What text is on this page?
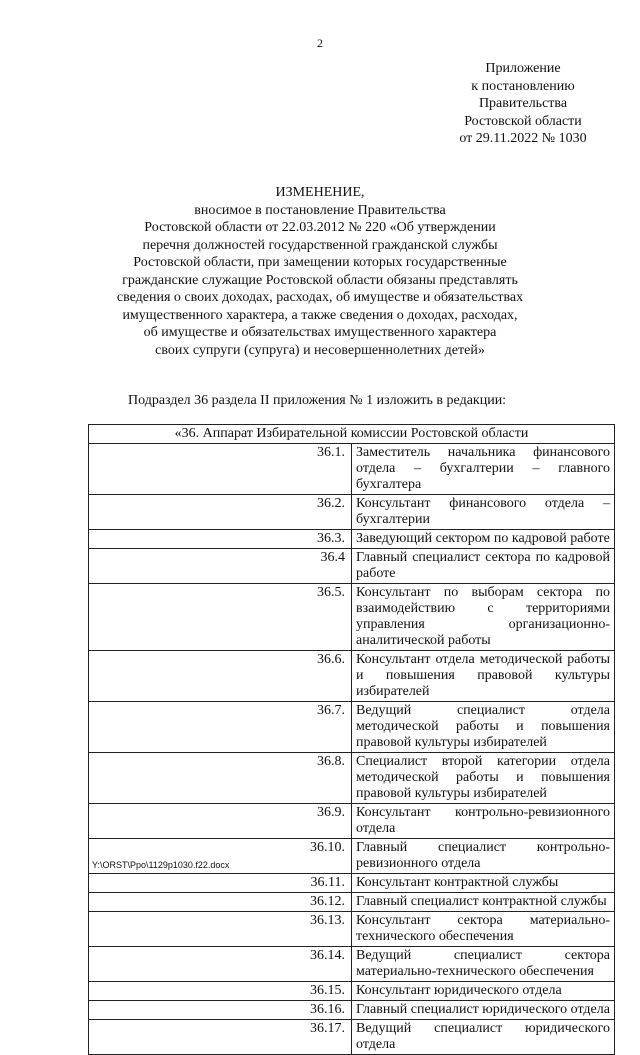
2
Приложение
к постановлению
Правительства
Ростовской области
от 29.11.2022 № 1030
ИЗМЕНЕНИЕ,
вносимое в постановление Правительства
Ростовской области от 22.03.2012 № 220 «Об утверждении
перечня должностей государственной гражданской службы
Ростовской области, при замещении которых государственные
гражданские служащие Ростовской области обязаны представлять
сведения о своих доходах, расходах, об имуществе и обязательствах
имущественного характера, а также сведения о доходах, расходах,
об имуществе и обязательствах имущественного характера
своих супруги (супруга) и несовершеннолетних детей»
Подраздел 36 раздела II приложения № 1 изложить в редакции:
«36. Аппарат Избирательной комиссии Ростовской области	
36.1.	Заместитель начальника финансового отдела – бухгалтерии – главного бухгалтера
36.2.	Консультант финансового отдела – бухгалтерии
36.3.	Заведующий сектором по кадровой работе
36.4	Главный специалист сектора по кадровой работе
36.5.	Консультант по выборам сектора по взаимодействию с территориями управления организационно-аналитической работы
36.6.	Консультант отдела методической работы и повышения правовой культуры избирателей
36.7.	Ведущий специалист отдела методической работы и повышения правовой культуры избирателей
36.8.	Специалист второй категории отдела методической работы и повышения правовой культуры избирателей
36.9.	Консультант контрольно-ревизионного отдела
36.10.	Главный специалист контрольно-ревизионного отдела
36.11.	Консультант контрактной службы
36.12.	Главный специалист контрактной службы
36.13.	Консультант сектора материально-технического обеспечения
36.14.	Ведущий специалист сектора материально-технического обеспечения
36.15.	Консультант юридического отдела
36.16.	Главный специалист юридического отдела
36.17.	Ведущий специалист юридического отдела
Y:\ORST\Ppo\1129p1030.f22.docx
